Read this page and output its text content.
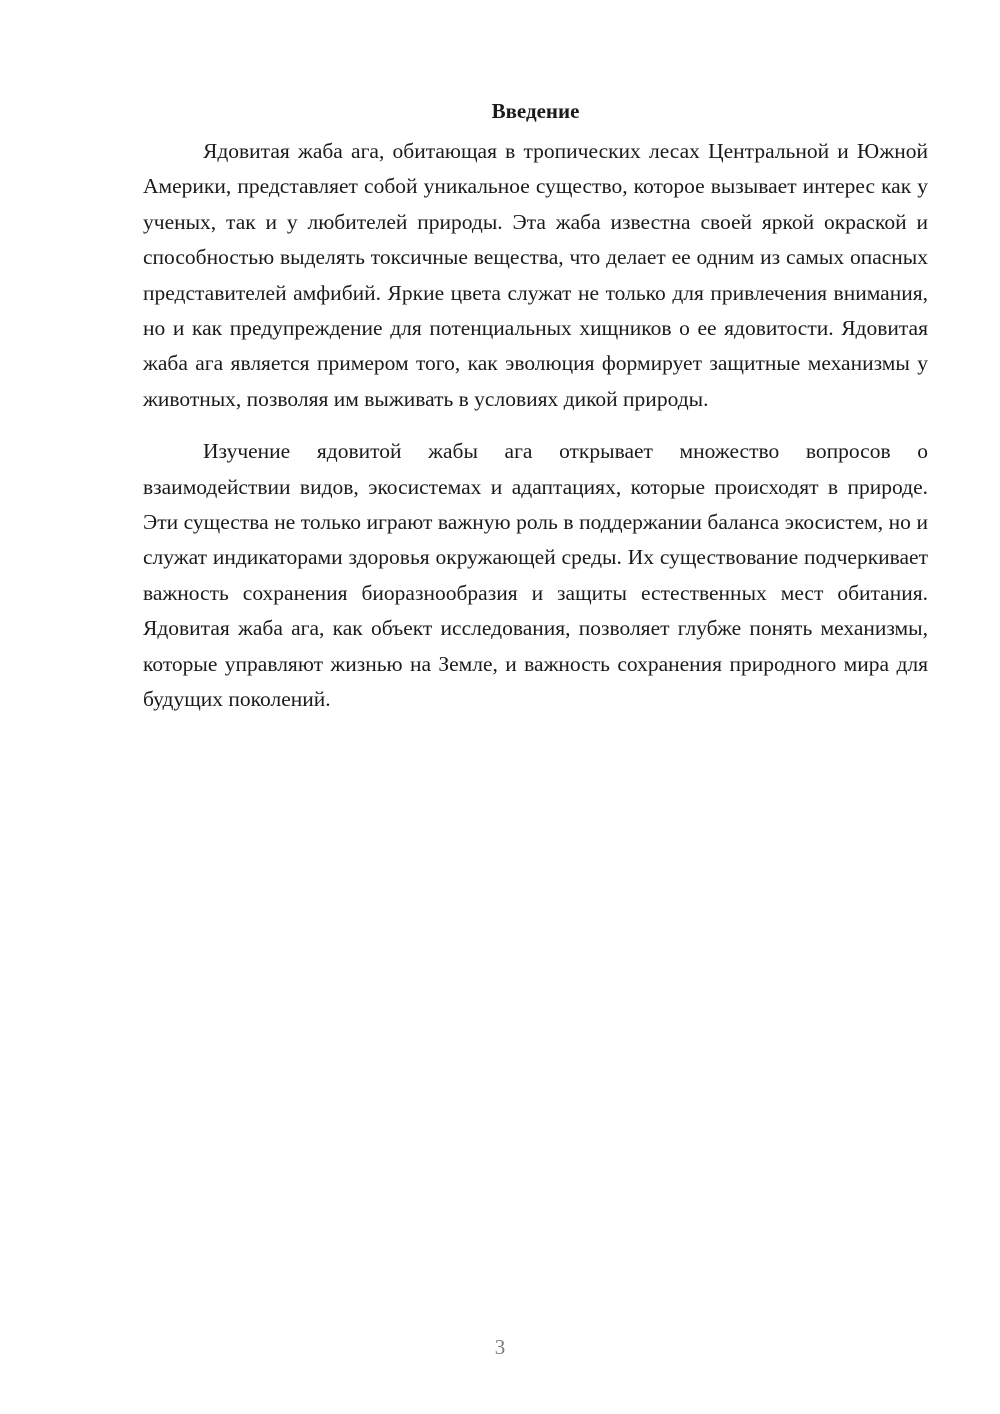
Введение

Ядовитая жаба ага, обитающая в тропических лесах Центральной и Южной Америки, представляет собой уникальное существо, которое вызывает интерес как у ученых, так и у любителей природы. Эта жаба известна своей яркой окраской и способностью выделять токсичные вещества, что делает ее одним из самых опасных представителей амфибий. Яркие цвета служат не только для привлечения внимания, но и как предупреждение для потенциальных хищников о ее ядовитости. Ядовитая жаба ага является примером того, как эволюция формирует защитные механизмы у животных, позволяя им выживать в условиях дикой природы.

Изучение ядовитой жабы ага открывает множество вопросов о взаимодействии видов, экосистемах и адаптациях, которые происходят в природе. Эти существа не только играют важную роль в поддержании баланса экосистем, но и служат индикаторами здоровья окружающей среды. Их существование подчеркивает важность сохранения биоразнообразия и защиты естественных мест обитания. Ядовитая жаба ага, как объект исследования, позволяет глубже понять механизмы, которые управляют жизнью на Земле, и важность сохранения природного мира для будущих поколений.

3
